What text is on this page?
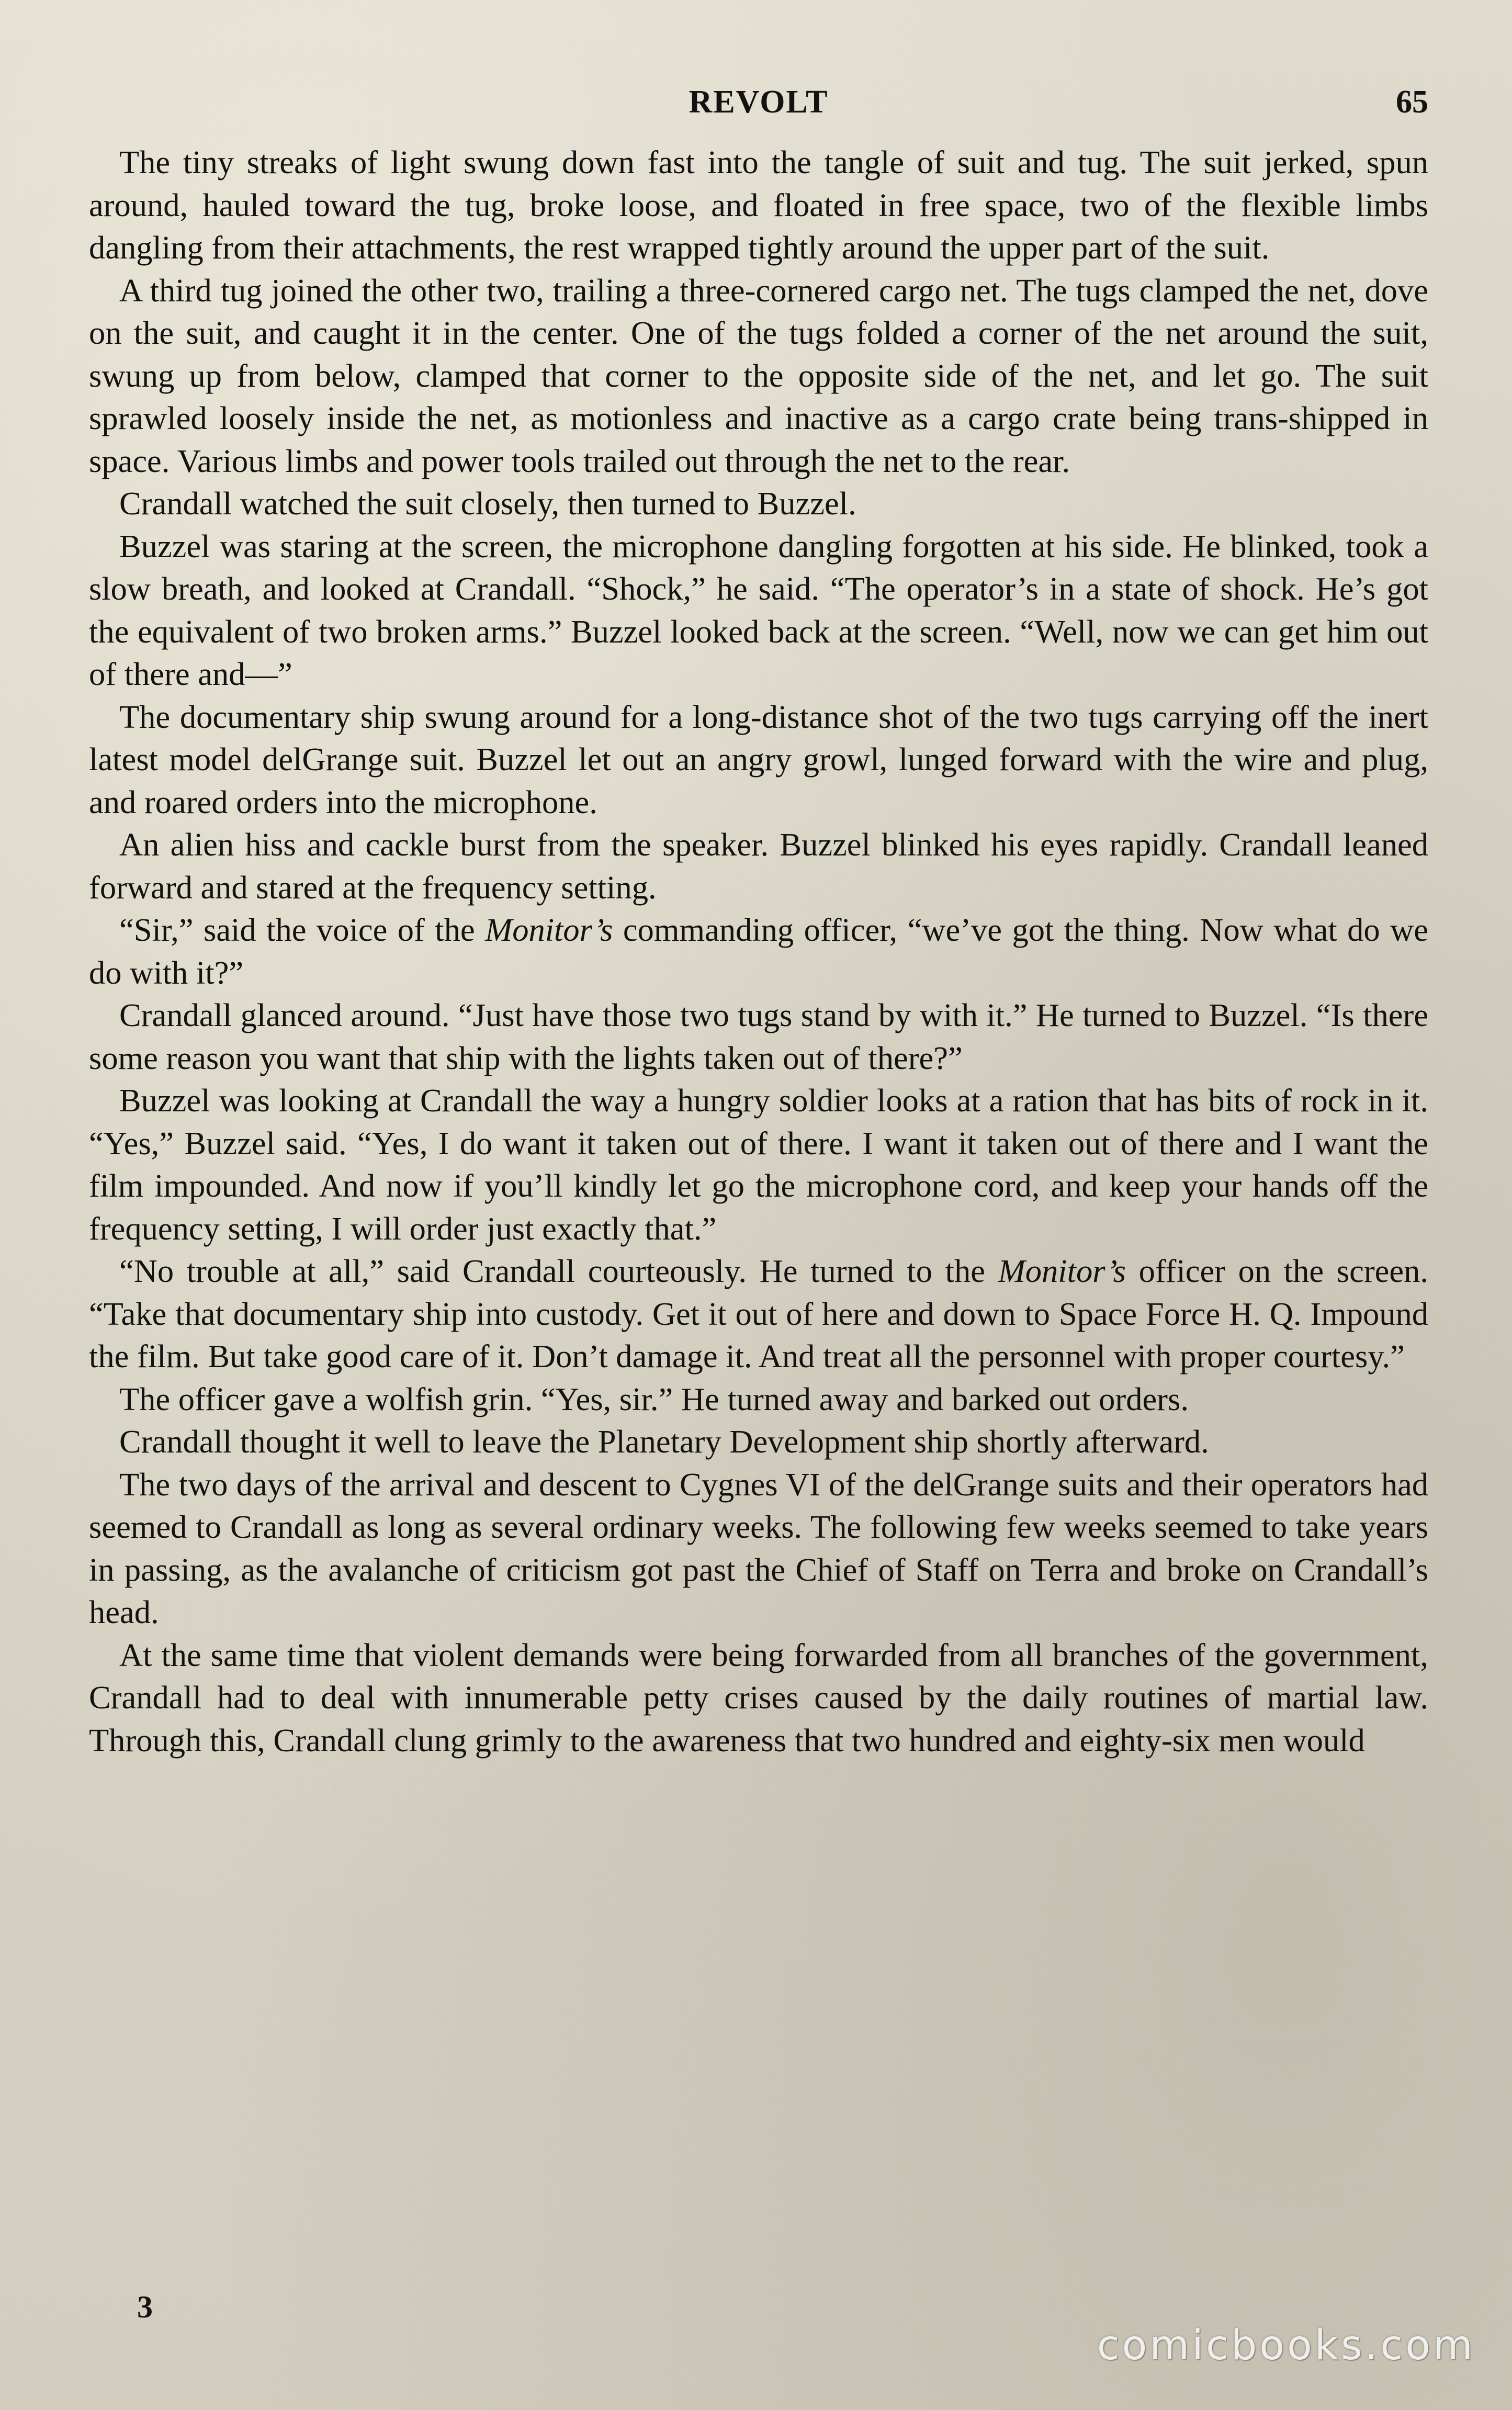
REVOLT	65

The tiny streaks of light swung down fast into the tangle of suit and tug. The suit jerked, spun around, hauled toward the tug, broke loose, and floated in free space, two of the flexible limbs dangling from their attachments, the rest wrapped tightly around the upper part of the suit.

A third tug joined the other two, trailing a three-cornered cargo net. The tugs clamped the net, dove on the suit, and caught it in the center. One of the tugs folded a corner of the net around the suit, swung up from below, clamped that corner to the opposite side of the net, and let go. The suit sprawled loosely inside the net, as motionless and inactive as a cargo crate being trans-shipped in space. Various limbs and power tools trailed out through the net to the rear.

Crandall watched the suit closely, then turned to Buzzel.

Buzzel was staring at the screen, the microphone dangling forgotten at his side. He blinked, took a slow breath, and looked at Crandall. “Shock,” he said. “The operator’s in a state of shock. He’s got the equivalent of two broken arms.” Buzzel looked back at the screen. “Well, now we can get him out of there and—”

The documentary ship swung around for a long-distance shot of the two tugs carrying off the inert latest model delGrange suit. Buzzel let out an angry growl, lunged forward with the wire and plug, and roared orders into the microphone.

An alien hiss and cackle burst from the speaker. Buzzel blinked his eyes rapidly. Crandall leaned forward and stared at the frequency setting.

“Sir,” said the voice of the Monitor’s commanding officer, “we’ve got the thing. Now what do we do with it?”

Crandall glanced around. “Just have those two tugs stand by with it.” He turned to Buzzel. “Is there some reason you want that ship with the lights taken out of there?”

Buzzel was looking at Crandall the way a hungry soldier looks at a ration that has bits of rock in it. “Yes,” Buzzel said. “Yes, I do want it taken out of there. I want it taken out of there and I want the film impounded. And now if you’ll kindly let go the microphone cord, and keep your hands off the frequency setting, I will order just exactly that.”

“No trouble at all,” said Crandall courteously. He turned to the Monitor’s officer on the screen. “Take that documentary ship into custody. Get it out of here and down to Space Force H. Q. Impound the film. But take good care of it. Don’t damage it. And treat all the personnel with proper courtesy.”

The officer gave a wolfish grin. “Yes, sir.” He turned away and barked out orders.

Crandall thought it well to leave the Planetary Development ship shortly afterward.

The two days of the arrival and descent to Cygnes VI of the delGrange suits and their operators had seemed to Crandall as long as several ordinary weeks. The following few weeks seemed to take years in passing, as the avalanche of criticism got past the Chief of Staff on Terra and broke on Crandall’s head.

At the same time that violent demands were being forwarded from all branches of the government, Crandall had to deal with innumerable petty crises caused by the daily routines of martial law. Through this, Crandall clung grimly to the awareness that two hundred and eighty-six men would

3
comicbooks.com
